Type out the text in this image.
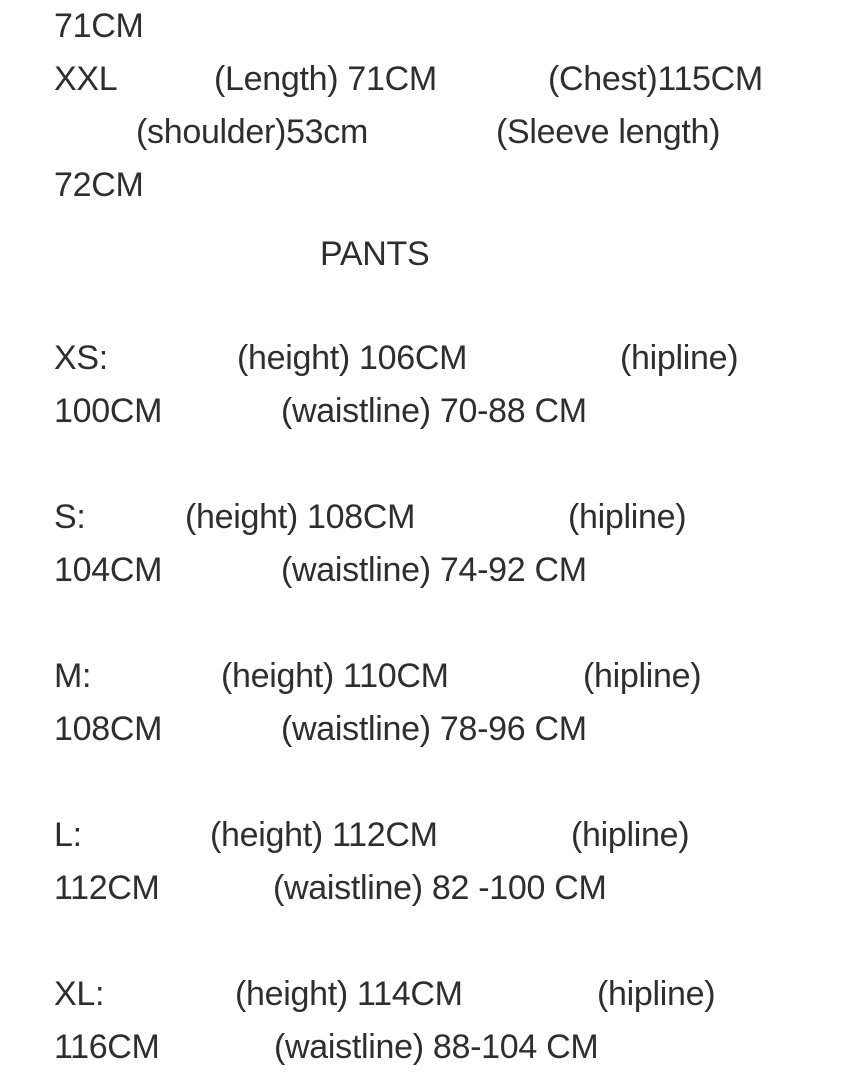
71CM
XXL	(Length) 71CM	(Chest)115CM
(shoulder)53cm	(Sleeve length)
72CM
PANTS
XS:	(height) 106CM	(hipline)
100CM	(waistline) 70-88 CM
S:	(height) 108CM	(hipline)
104CM	(waistline) 74-92 CM
M:	(height) 110CM	(hipline)
108CM	(waistline) 78-96 CM
L:	(height) 112CM	(hipline)
112CM	(waistline) 82 -100 CM
XL:	(height) 114CM	(hipline)
116CM	(waistline) 88-104 CM
